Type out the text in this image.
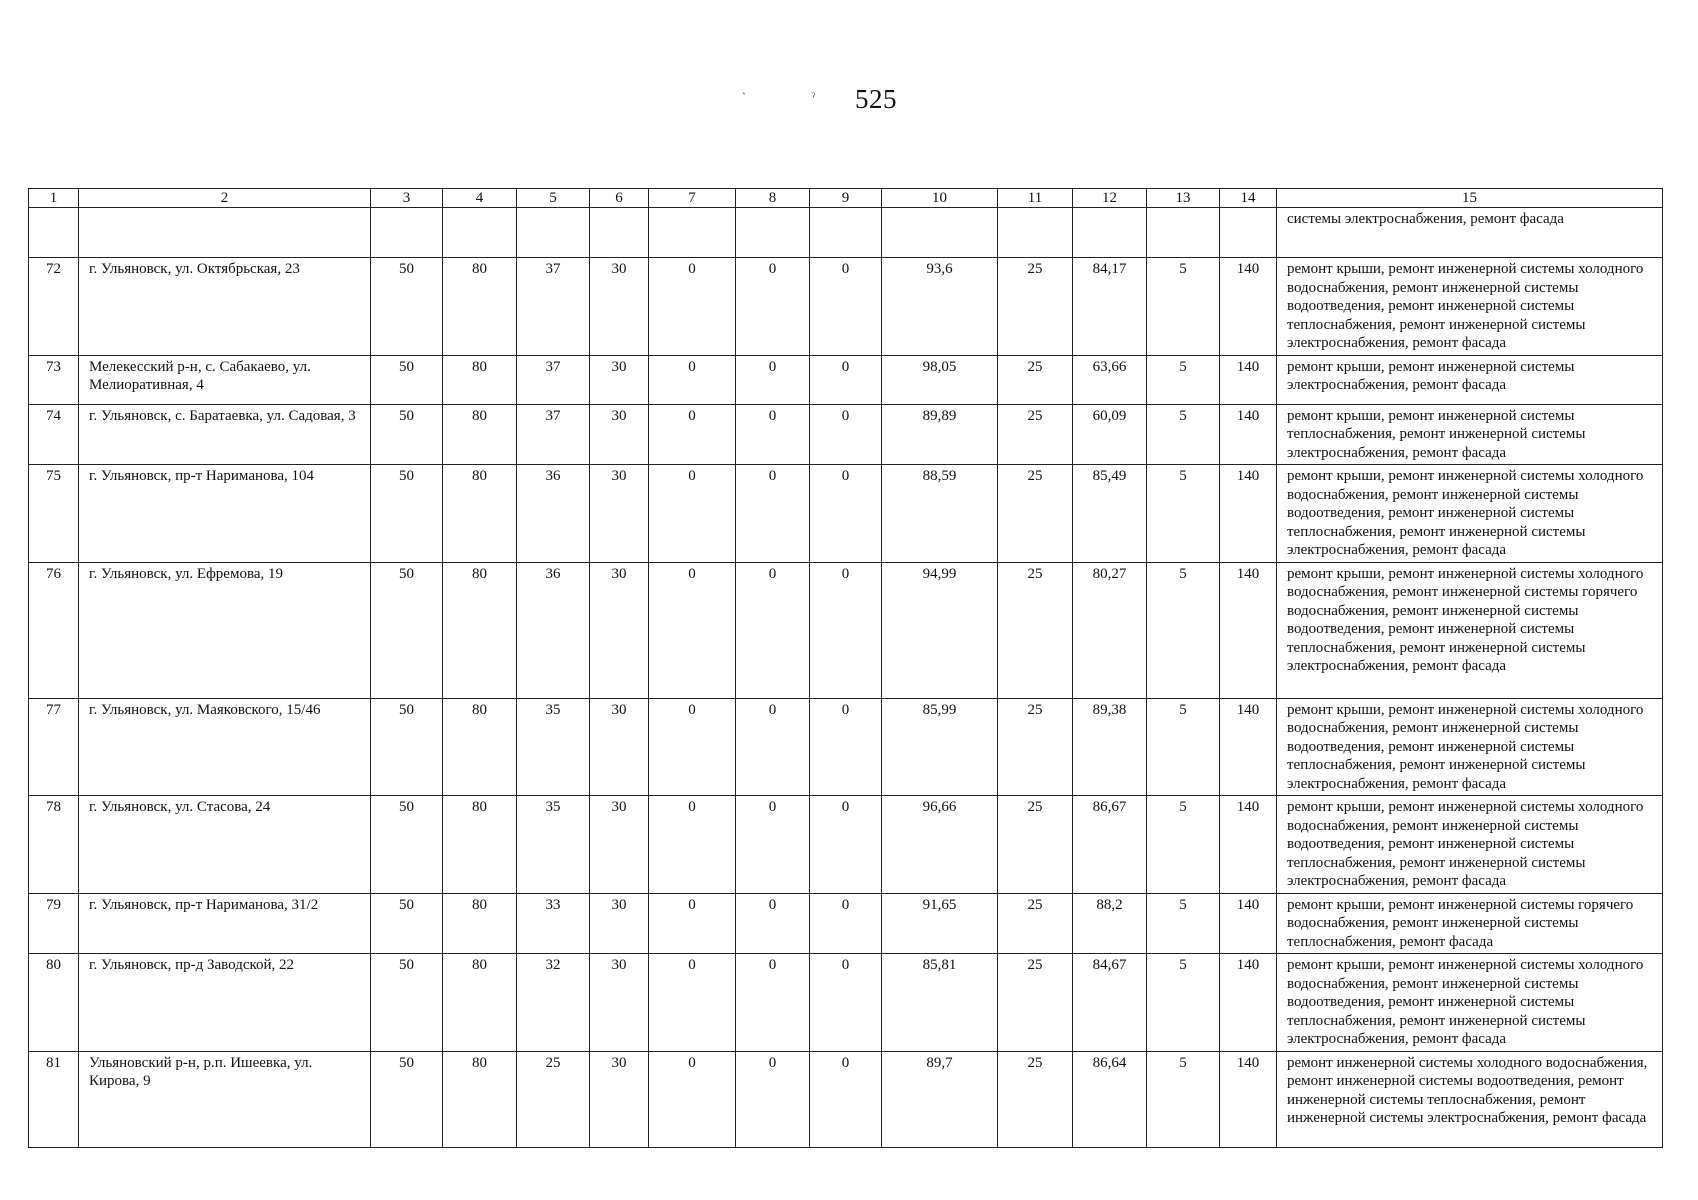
525
ˋ	ˀ
1	2	3	4	5	6	7	8	9	10	11	12	13	14	15
														системы электроснабжения, ремонт фасада
72	г. Ульяновск, ул. Октябрьская, 23	50	80	37	30	0	0	0	93,6	25	84,17	5	140	ремонт крыши, ремонт инженерной системы холодного водоснабжения, ремонт инженерной системы водоотведения, ремонт инженерной системы теплоснабжения, ремонт инженерной системы электроснабжения, ремонт фасада
73	Мелекесский р-н, с. Сабакаево, ул. Мелиоративная, 4	50	80	37	30	0	0	0	98,05	25	63,66	5	140	ремонт крыши, ремонт инженерной системы электроснабжения, ремонт фасада
74	г. Ульяновск, с. Баратаевка, ул. Садовая, 3	50	80	37	30	0	0	0	89,89	25	60,09	5	140	ремонт крыши, ремонт инженерной системы теплоснабжения, ремонт инженерной системы электроснабжения, ремонт фасада
75	г. Ульяновск, пр-т Нариманова, 104	50	80	36	30	0	0	0	88,59	25	85,49	5	140	ремонт крыши, ремонт инженерной системы холодного водоснабжения, ремонт инженерной системы водоотведения, ремонт инженерной системы теплоснабжения, ремонт инженерной системы электроснабжения, ремонт фасада
76	г. Ульяновск, ул. Ефремова, 19	50	80	36	30	0	0	0	94,99	25	80,27	5	140	ремонт крыши, ремонт инженерной системы холодного водоснабжения, ремонт инженерной системы горячего водоснабжения, ремонт инженерной системы водоотведения, ремонт инженерной системы теплоснабжения, ремонт инженерной системы электроснабжения, ремонт фасада
77	г. Ульяновск, ул. Маяковского, 15/46	50	80	35	30	0	0	0	85,99	25	89,38	5	140	ремонт крыши, ремонт инженерной системы холодного водоснабжения, ремонт инженерной системы водоотведения, ремонт инженерной системы теплоснабжения, ремонт инженерной системы электроснабжения, ремонт фасада
78	г. Ульяновск, ул. Стасова, 24	50	80	35	30	0	0	0	96,66	25	86,67	5	140	ремонт крыши, ремонт инженерной системы холодного водоснабжения, ремонт инженерной системы водоотведения, ремонт инженерной системы теплоснабжения, ремонт инженерной системы электроснабжения, ремонт фасада
79	г. Ульяновск, пр-т Нариманова, 31/2	50	80	33	30	0	0	0	91,65	25	88,2	5	140	ремонт крыши, ремонт инженерной системы горячего водоснабжения, ремонт инженерной системы теплоснабжения, ремонт фасада
80	г. Ульяновск, пр-д Заводской, 22	50	80	32	30	0	0	0	85,81	25	84,67	5	140	ремонт крыши, ремонт инженерной системы холодного водоснабжения, ремонт инженерной системы водоотведения, ремонт инженерной системы теплоснабжения, ремонт инженерной системы электроснабжения, ремонт фасада
81	Ульяновский р-н, р.п. Ишеевка, ул. Кирова, 9	50	80	25	30	0	0	0	89,7	25	86,64	5	140	ремонт инженерной системы холодного водоснабжения, ремонт инженерной системы водоотведения, ремонт инженерной системы теплоснабжения, ремонт инженерной системы электроснабжения, ремонт фасада
